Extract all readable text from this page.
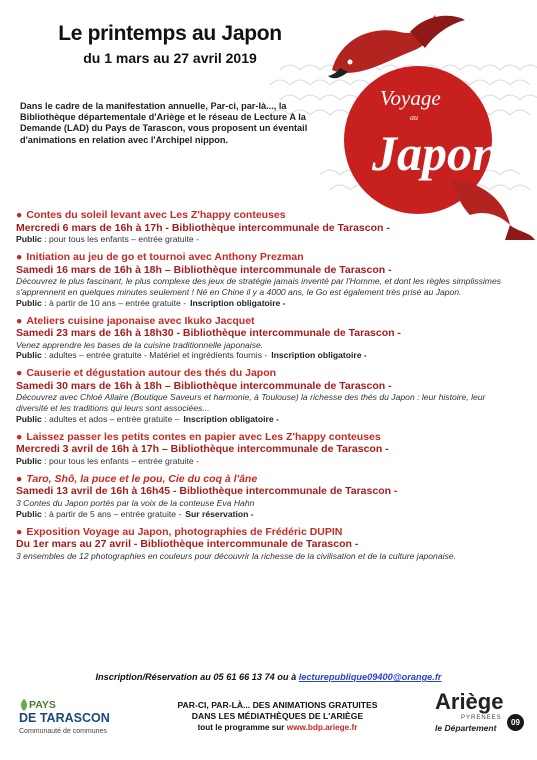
Le printemps au Japon
du 1 mars au 27 avril 2019
Voyage
au
Japon
Dans le cadre de la manifestation annuelle, Par-ci, par-là..., la Bibliothèque départementale d'Ariège et le réseau de Lecture A la Demande (LAD) du Pays de Tarascon, vous proposent un éventail d'animations en relation avec l'Archipel nippon.
● Contes du soleil levant avec Les Z'happy conteuses
Mercredi 6 mars de 16h à 17h - Bibliothèque intercommunale de Tarascon -
Public : pour tous les enfants – entrée gratuite -
● Initiation au jeu de go et tournoi avec Anthony Prezman
Samedi 16 mars de 16h à 18h – Bibliothèque intercommunale de Tarascon -
Découvrez le plus fascinant, le plus complexe des jeux de stratégie jamais inventé par l'Homme, et dont les règles simplissimes s'apprennent en quelques minutes seulement ! Né en Chine il y a 4000 ans, le Go est également très prisé au Japon.
Public : à partir de 10 ans – entrée gratuite - Inscription obligatoire -
● Ateliers cuisine japonaise avec Ikuko Jacquet
Samedi 23 mars de 16h à 18h30 - Bibliothèque intercommunale de Tarascon -
Venez apprendre les bases de la cuisine traditionnelle japonaise.
Public : adultes – entrée gratuite - Matériel et ingrédients fournis - Inscription obligatoire -
● Causerie et dégustation autour des thés du Japon
Samedi 30 mars de 16h à 18h – Bibliothèque intercommunale de Tarascon -
Découvrez avec Chloé Allaire (Boutique Saveurs et harmonie, à Toulouse) la richesse des thés du Japon : leur histoire, leur diversité et les traditions qui leurs sont associées...
Public : adultes et ados – entrée gratuite – Inscription obligatoire -
● Laissez passer les petits contes en papier avec Les Z'happy conteuses
Mercredi 3 avril de 16h à 17h – Bibliothèque intercommunale de Tarascon -
Public : pour tous les enfants – entrée gratuite -
● Taro, Shô, la puce et le pou, Cie du coq à l'âne
Samedi 13 avril de 16h à 16h45 - Bibliothèque intercommunale de Tarascon -
3 Contes du Japon portés par la voix de la conteuse Eva Hahn
Public : à partir de 5 ans – entrée gratuite - Sur réservation -
● Exposition Voyage au Japon, photographies de Frédéric DUPIN
Du 1er mars au 27 avril - Bibliothèque intercommunale de Tarascon -
3 ensembles de 12 photographies en couleurs pour découvrir la richesse de la civilisation et de la culture japonaise.
Inscription/Réservation au 05 61 66 13 74 ou à lecturepublique09400@orange.fr
PAYS
DE TARASCON
Communauté de communes
PAR-CI, PAR-LÀ... DES ANIMATIONS GRATUITES
DANS LES MÉDIATHÈQUES DE L'ARIÈGE
tout le programme sur www.bdp.ariege.fr
Ariège
PYRENEES
le Département
09
